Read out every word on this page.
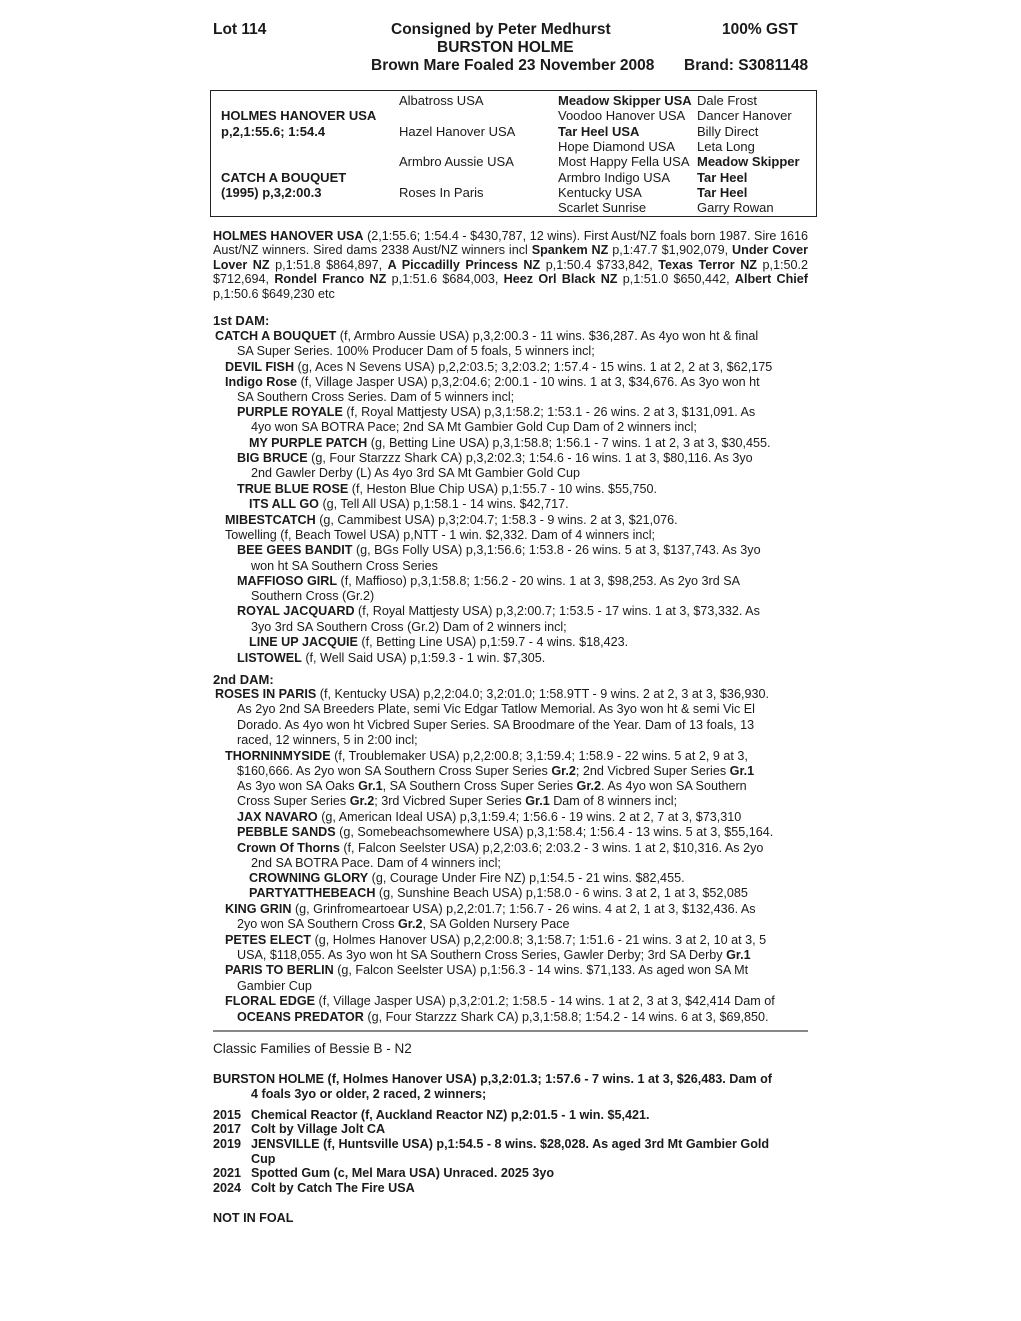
Lot 114	Consigned by Peter Medhurst	100% GST
BURSTON HOLME
Brown Mare Foaled 23 November 2008 Brand: S3081148
HOLMES HANOVER USA
p,2,1:55.6; 1:54.4
CATCH A BOUQUET
(1995) p,3,2:00.3
Albatross USA
Hazel Hanover USA
Armbro Aussie USA
Roses In Paris
Meadow Skipper USA
Voodoo Hanover USA
Tar Heel USA
Hope Diamond USA
Most Happy Fella USA
Armbro Indigo USA
Kentucky USA
Scarlet Sunrise
Dale Frost
Dancer Hanover
Billy Direct
Leta Long
Meadow Skipper
Tar Heel
Tar Heel
Garry Rowan
HOLMES HANOVER USA (2,1:55.6; 1:54.4 - $430,787, 12 wins). First Aust/NZ foals born 1987. Sire 1616 Aust/NZ winners. Sired dams 2338 Aust/NZ winners incl Spankem NZ p,1:47.7 $1,902,079, Under Cover Lover NZ p,1:51.8 $864,897, A Piccadilly Princess NZ p,1:50.4 $733,842, Texas Terror NZ p,1:50.2 $712,694, Rondel Franco NZ p,1:51.6 $684,003, Heez Orl Black NZ p,1:51.0 $650,442, Albert Chief p,1:50.6 $649,230 etc
1st DAM:
CATCH A BOUQUET (f, Armbro Aussie USA) p,3,2:00.3 - 11 wins. $36,287. As 4yo won ht & final
SA Super Series. 100% Producer Dam of 5 foals, 5 winners incl;
DEVIL FISH (g, Aces N Sevens USA) p,2,2:03.5; 3,2:03.2; 1:57.4 - 15 wins. 1 at 2, 2 at 3, $62,175
Indigo Rose (f, Village Jasper USA) p,3,2:04.6; 2:00.1 - 10 wins. 1 at 3, $34,676. As 3yo won ht
SA Southern Cross Series. Dam of 5 winners incl;
PURPLE ROYALE (f, Royal Mattjesty USA) p,3,1:58.2; 1:53.1 - 26 wins. 2 at 3, $131,091. As
4yo won SA BOTRA Pace; 2nd SA Mt Gambier Gold Cup Dam of 2 winners incl;
MY PURPLE PATCH (g, Betting Line USA) p,3,1:58.8; 1:56.1 - 7 wins. 1 at 2, 3 at 3, $30,455.
BIG BRUCE (g, Four Starzzz Shark CA) p,3,2:02.3; 1:54.6 - 16 wins. 1 at 3, $80,116. As 3yo
2nd Gawler Derby (L) As 4yo 3rd SA Mt Gambier Gold Cup
TRUE BLUE ROSE (f, Heston Blue Chip USA) p,1:55.7 - 10 wins. $55,750.
ITS ALL GO (g, Tell All USA) p,1:58.1 - 14 wins. $42,717.
MIBESTCATCH (g, Cammibest USA) p,3;2:04.7; 1:58.3 - 9 wins. 2 at 3, $21,076.
Towelling (f, Beach Towel USA) p,NTT - 1 win. $2,332. Dam of 4 winners incl;
BEE GEES BANDIT (g, BGs Folly USA) p,3,1:56.6; 1:53.8 - 26 wins. 5 at 3, $137,743. As 3yo
won ht SA Southern Cross Series
MAFFIOSO GIRL (f, Maffioso) p,3,1:58.8; 1:56.2 - 20 wins. 1 at 3, $98,253. As 2yo 3rd SA
Southern Cross (Gr.2)
ROYAL JACQUARD (f, Royal Mattjesty USA) p,3,2:00.7; 1:53.5 - 17 wins. 1 at 3, $73,332. As
3yo 3rd SA Southern Cross (Gr.2) Dam of 2 winners incl;
LINE UP JACQUIE (f, Betting Line USA) p,1:59.7 - 4 wins. $18,423.
LISTOWEL (f, Well Said USA) p,1:59.3 - 1 win. $7,305.
2nd DAM:
ROSES IN PARIS (f, Kentucky USA) p,2,2:04.0; 3,2:01.0; 1:58.9TT - 9 wins. 2 at 2, 3 at 3, $36,930.
As 2yo 2nd SA Breeders Plate, semi Vic Edgar Tatlow Memorial. As 3yo won ht & semi Vic El
Dorado. As 4yo won ht Vicbred Super Series. SA Broodmare of the Year. Dam of 13 foals, 13
raced, 12 winners, 5 in 2:00 incl;
THORNINMYSIDE (f, Troublemaker USA) p,2,2:00.8; 3,1:59.4; 1:58.9 - 22 wins. 5 at 2, 9 at 3,
$160,666. As 2yo won SA Southern Cross Super Series Gr.2; 2nd Vicbred Super Series Gr.1
As 3yo won SA Oaks Gr.1, SA Southern Cross Super Series Gr.2. As 4yo won SA Southern
Cross Super Series Gr.2; 3rd Vicbred Super Series Gr.1 Dam of 8 winners incl;
JAX NAVARO (g, American Ideal USA) p,3,1:59.4; 1:56.6 - 19 wins. 2 at 2, 7 at 3, $73,310
PEBBLE SANDS (g, Somebeachsomewhere USA) p,3,1:58.4; 1:56.4 - 13 wins. 5 at 3, $55,164.
Crown Of Thorns (f, Falcon Seelster USA) p,2,2:03.6; 2:03.2 - 3 wins. 1 at 2, $10,316. As 2yo
2nd SA BOTRA Pace. Dam of 4 winners incl;
CROWNING GLORY (g, Courage Under Fire NZ) p,1:54.5 - 21 wins. $82,455.
PARTYATTHEBEACH (g, Sunshine Beach USA) p,1:58.0 - 6 wins. 3 at 2, 1 at 3, $52,085
KING GRIN (g, Grinfromeartoear USA) p,2,2:01.7; 1:56.7 - 26 wins. 4 at 2, 1 at 3, $132,436. As
2yo won SA Southern Cross Gr.2, SA Golden Nursery Pace
PETES ELECT (g, Holmes Hanover USA) p,2,2:00.8; 3,1:58.7; 1:51.6 - 21 wins. 3 at 2, 10 at 3, 5
USA, $118,055. As 3yo won ht SA Southern Cross Series, Gawler Derby; 3rd SA Derby Gr.1
PARIS TO BERLIN (g, Falcon Seelster USA) p,1:56.3 - 14 wins. $71,133. As aged won SA Mt
Gambier Cup
FLORAL EDGE (f, Village Jasper USA) p,3,2:01.2; 1:58.5 - 14 wins. 1 at 2, 3 at 3, $42,414 Dam of
OCEANS PREDATOR (g, Four Starzzz Shark CA) p,3,1:58.8; 1:54.2 - 14 wins. 6 at 3, $69,850.
Classic Families of Bessie B - N2
BURSTON HOLME (f, Holmes Hanover USA) p,3,2:01.3; 1:57.6 - 7 wins. 1 at 3, $26,483. Dam of
4 foals 3yo or older, 2 raced, 2 winners;
2015 Chemical Reactor (f, Auckland Reactor NZ) p,2:01.5 - 1 win. $5,421.
2017 Colt by Village Jolt CA
2019 JENSVILLE (f, Huntsville USA) p,1:54.5 - 8 wins. $28,028. As aged 3rd Mt Gambier Gold
Cup
2021 Spotted Gum (c, Mel Mara USA) Unraced. 2025 3yo
2024 Colt by Catch The Fire USA
NOT IN FOAL
